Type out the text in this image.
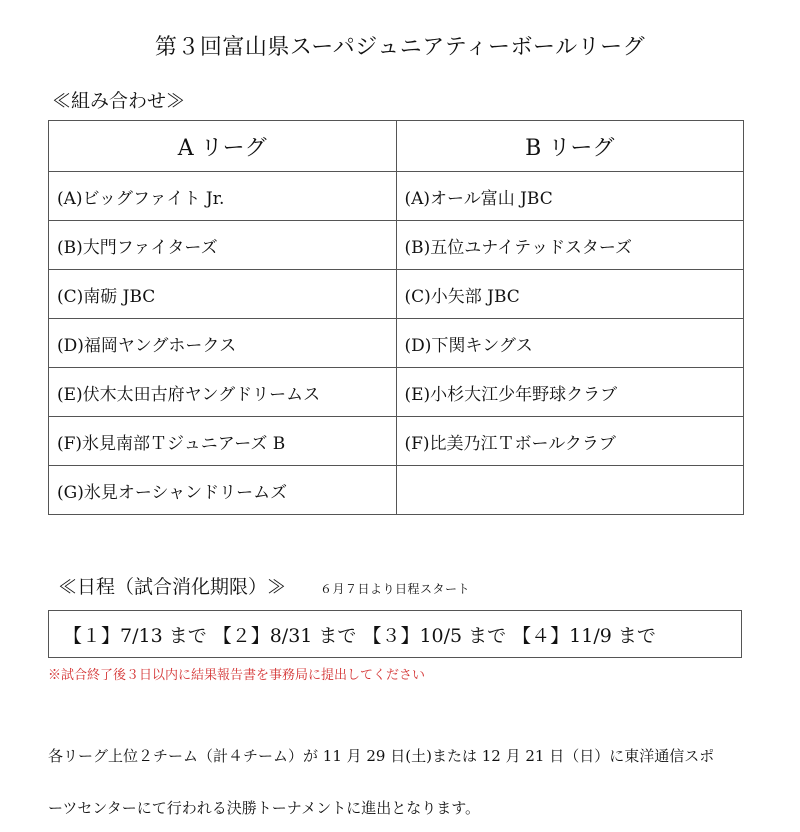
第３回富山県スーパジュニアティーボールリーグ
≪組み合わせ≫
A リーグ	B リーグ
(A)ビッグファイト Jr.	(A)オール富山 JBC
(B)大門ファイターズ	(B)五位ユナイテッドスターズ
(C)南砺 JBC	(C)小矢部 JBC
(D)福岡ヤングホークス	(D)下関キングス
(E)伏木太田古府ヤングドリームス	(E)小杉大江少年野球クラブ
(F)氷見南部Ｔジュニアーズ B	(F)比美乃江Ｔボールクラブ
(G)氷見オーシャンドリームズ	
≪日程（試合消化期限）≫	６月７日より日程スタート
【１】7/13 まで 【２】8/31 まで 【３】10/5 まで 【４】11/9 まで
※試合終了後３日以内に結果報告書を事務局に提出してください
各リーグ上位２チーム（計４チーム）が 11 月 29 日(土)または 12 月 21 日（日）に東洋通信スポ
ーツセンターにて行われる決勝トーナメントに進出となります。
